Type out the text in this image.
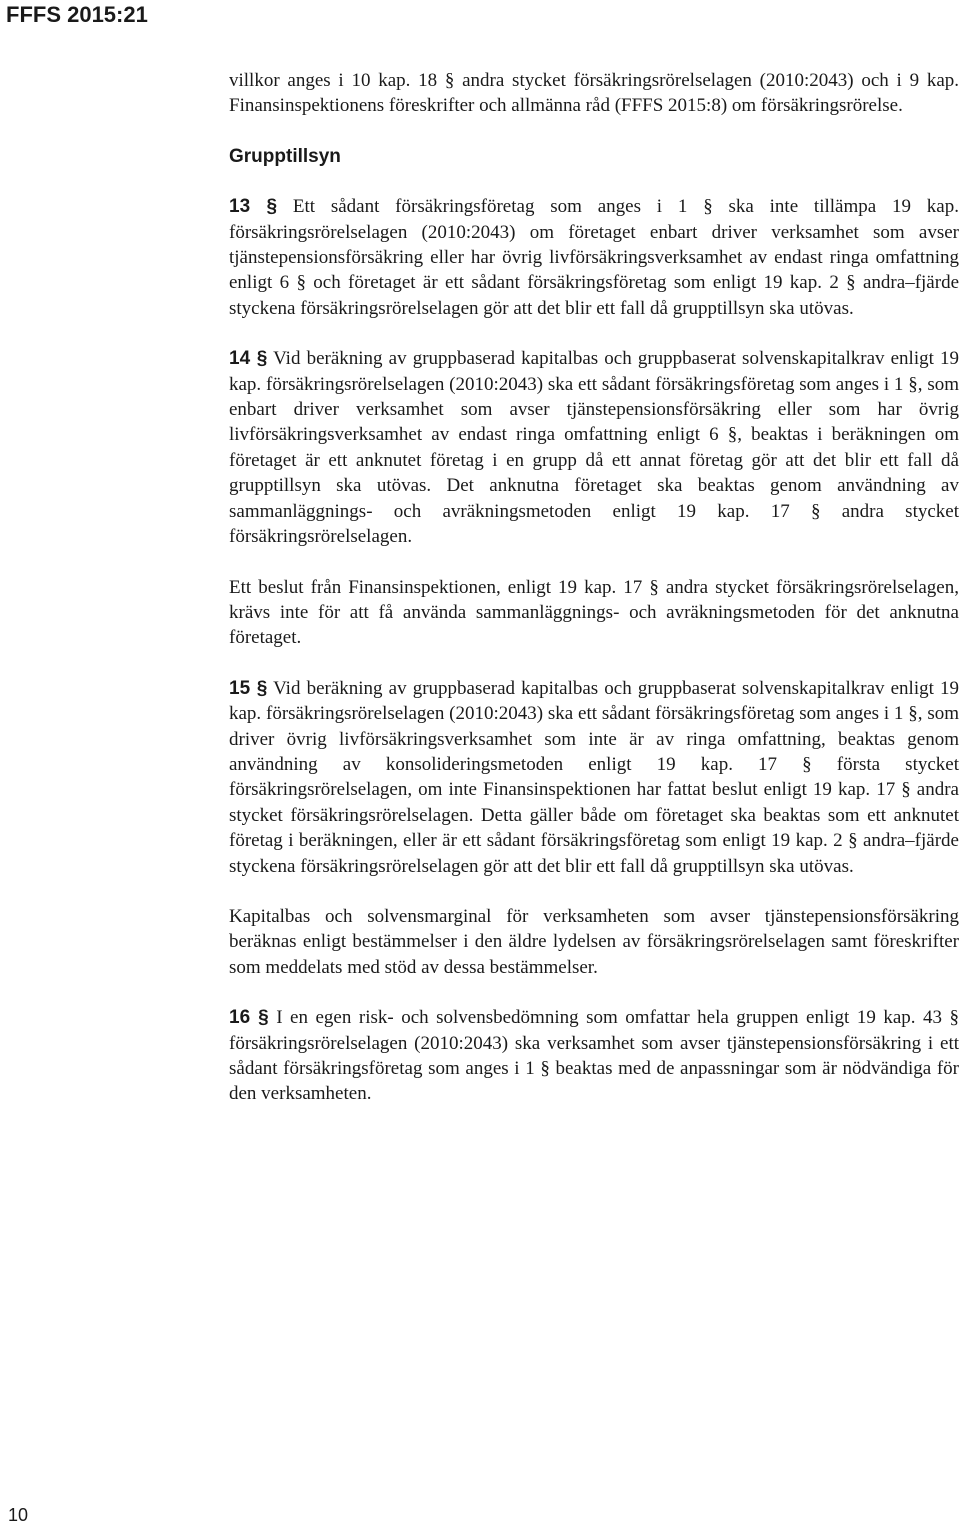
FFFS 2015:21

villkor anges i 10 kap. 18 § andra stycket försäkringsrörelselagen (2010:2043) och i 9 kap. Finansinspektionens föreskrifter och allmänna råd (FFFS 2015:8) om försäkringsrörelse.

Grupptillsyn

13 § Ett sådant försäkringsföretag som anges i 1 § ska inte tillämpa 19 kap. försäkringsrörelselagen (2010:2043) om företaget enbart driver verksamhet som avser tjänstepensionsförsäkring eller har övrig livförsäkringsverksamhet av endast ringa omfattning enligt 6 § och företaget är ett sådant försäkringsföretag som enligt 19 kap. 2 § andra–fjärde styckena försäkringsrörelselagen gör att det blir ett fall då grupptillsyn ska utövas.

14 § Vid beräkning av gruppbaserad kapitalbas och gruppbaserat solvenskapitalkrav enligt 19 kap. försäkringsrörelselagen (2010:2043) ska ett sådant försäkringsföretag som anges i 1 §, som enbart driver verksamhet som avser tjänstepensionsförsäkring eller som har övrig livförsäkringsverksamhet av endast ringa omfattning enligt 6 §, beaktas i beräkningen om företaget är ett anknutet företag i en grupp då ett annat företag gör att det blir ett fall då grupptillsyn ska utövas. Det anknutna företaget ska beaktas genom användning av sammanläggnings- och avräkningsmetoden enligt 19 kap. 17 § andra stycket försäkringsrörelselagen.

Ett beslut från Finansinspektionen, enligt 19 kap. 17 § andra stycket försäkringsrörelselagen, krävs inte för att få använda sammanläggnings- och avräkningsmetoden för det anknutna företaget.

15 § Vid beräkning av gruppbaserad kapitalbas och gruppbaserat solvenskapitalkrav enligt 19 kap. försäkringsrörelselagen (2010:2043) ska ett sådant försäkringsföretag som anges i 1 §, som driver övrig livförsäkringsverksamhet som inte är av ringa omfattning, beaktas genom användning av konsolideringsmetoden enligt 19 kap. 17 § första stycket försäkringsrörelselagen, om inte Finansinspektionen har fattat beslut enligt 19 kap. 17 § andra stycket försäkringsrörelselagen. Detta gäller både om företaget ska beaktas som ett anknutet företag i beräkningen, eller är ett sådant försäkringsföretag som enligt 19 kap. 2 § andra–fjärde styckena försäkringsrörelselagen gör att det blir ett fall då grupptillsyn ska utövas.

Kapitalbas och solvensmarginal för verksamheten som avser tjänstepensionsförsäkring beräknas enligt bestämmelser i den äldre lydelsen av försäkringsrörelselagen samt föreskrifter som meddelats med stöd av dessa bestämmelser.

16 § I en egen risk- och solvensbedömning som omfattar hela gruppen enligt 19 kap. 43 § försäkringsrörelselagen (2010:2043) ska verksamhet som avser tjänstepensionsförsäkring i ett sådant försäkringsföretag som anges i 1 § beaktas med de anpassningar som är nödvändiga för den verksamheten.

10
